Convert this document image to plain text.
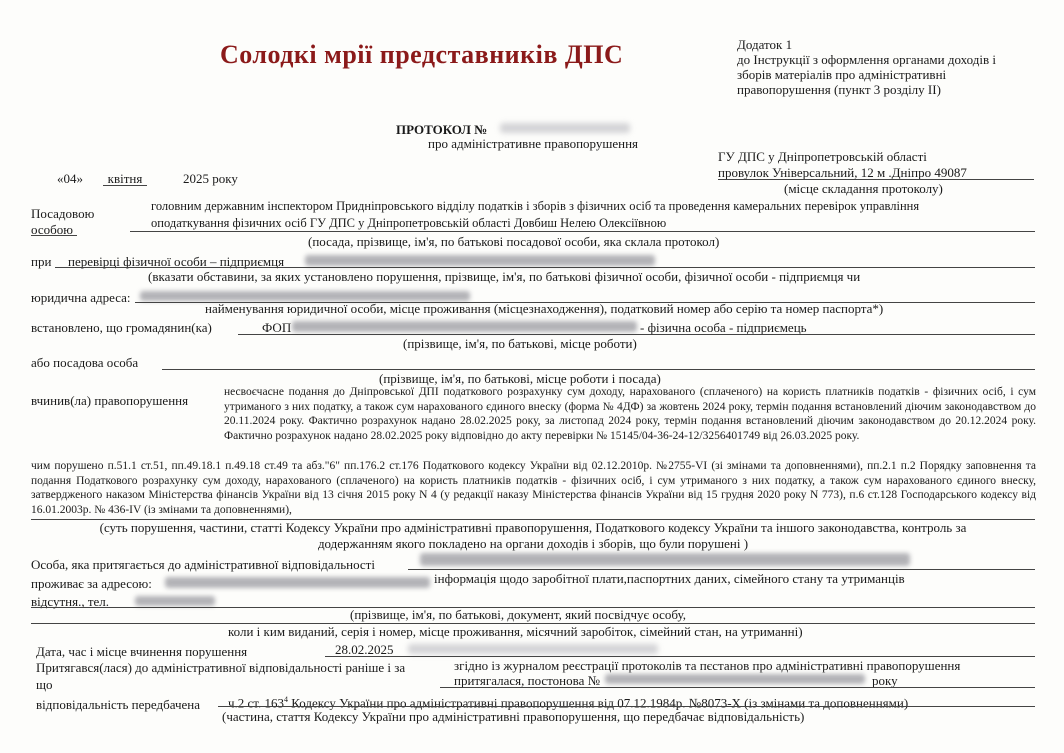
Солодкі мрії представників ДПС	Додаток 1
до Інструкції з оформлення органами доходів і зборів матеріалів про адміністративні правопорушення (пункт 3 розділу II)
ПРОТОКОЛ №
про адміністративне правопорушення
«04»	квітня	2025 року
ГУ ДПС у Дніпропетровській області
провулок Універсальний, 12 м .Дніпро 49087
(місце складання протоколу)
Посадовою
особою
головним державним інспектором Придніпровського відділу податків і зборів з фізичних осіб та проведення камеральних перевірок управління
оподаткування фізичних осіб ГУ ДПС у Дніпропетровській області Довбиш Нелею Олексіївною
(посада, прізвище, ім'я, по батькові посадової особи, яка склала протокол)
при перевірці фізичної особи – підприємця
(вказати обставини, за яких установлено порушення, прізвище, ім'я, по батькові фізичної особи, фізичної особи - підприємця чи
юридична адреса:
найменування юридичної особи, місце проживання (місцезнаходження), податковий номер або серію та номер паспорта*)
встановлено, що громадянин(ка)	ФОП	- фізична особа - підприємець
(прізвище, ім'я, по батькові, місце роботи)
або посадова особа
(прізвище, ім'я, по батькові, місце роботи і посада)
вчинив(ла) правопорушення
несвоєчасне подання до Дніпровської ДПІ податкового розрахунку сум доходу, нарахованого (сплаченого) на користь платників податків - фізичних осіб, і сум утриманого з них податку, а також сум нарахованого єдиного внеску (форма № 4ДФ) за жовтень 2024 року, термін подання встановлений діючим законодавством до 20.11.2024 року. Фактично розрахунок надано 28.02.2025 року, за листопад 2024 року, термін подання встановлений діючим законодавством до 20.12.2024 року. Фактично розрахунок надано 28.02.2025 року відповідно до акту перевірки № 15145/04-36-24-12/3256401749 від 26.03.2025 року.
чим порушено п.51.1 ст.51, пп.49.18.1 п.49.18 ст.49 та абз."6" пп.176.2 ст.176 Податкового кодексу України від 02.12.2010р. №2755-VI (зі змінами та доповненнями), пп.2.1 п.2 Порядку заповнення та подання Податкового розрахунку сум доходу, нарахованого (сплаченого) на користь платників податків - фізичних осіб, і сум утриманого з них податку, а також сум нарахованого єдиного внеску, затвердженого наказом Міністерства фінансів України від 13 січня 2015 року N 4 (у редакції наказу Міністерства фінансів України від 15 грудня 2020 року N 773), п.6 ст.128 Господарського кодексу від 16.01.2003р. № 436-IV (із змінами та доповненнями),
(суть порушення, частини, статті Кодексу України про адміністративні правопорушення, Податкового кодексу України та іншого законодавства, контроль за
додержанням якого покладено на органи доходів і зборів, що були порушені )
Особа, яка притягається до адміністративної відповідальності
проживає за адресою:	інформація щодо заробітної плати,паспортних даних, сімейного стану та утриманців
відсутня., тел.
(прізвище, ім'я, по батькові, документ, який посвідчує особу,
коли і ким виданий, серія і номер, місце проживання, місячний заробіток, сімейний стан, на утриманні)
Дата, час і місце вчинення порушення	28.02.2025
Притягався(лася) до адміністративної відповідальності раніше і за
що
згідно із журналом реєстрації протоколів та пєстанов про адміністративні правопорушення
притягалася, постонова №	року
відповідальність передбачена ч.2 ст. $163^4$ Кодексу України про адміністративні правопорушення від 07.12.1984р. №8073-Х (із змінами та доповненнями)
(частина, стаття Кодексу України про адміністративні правопорушення, що передбачає відповідальність)
